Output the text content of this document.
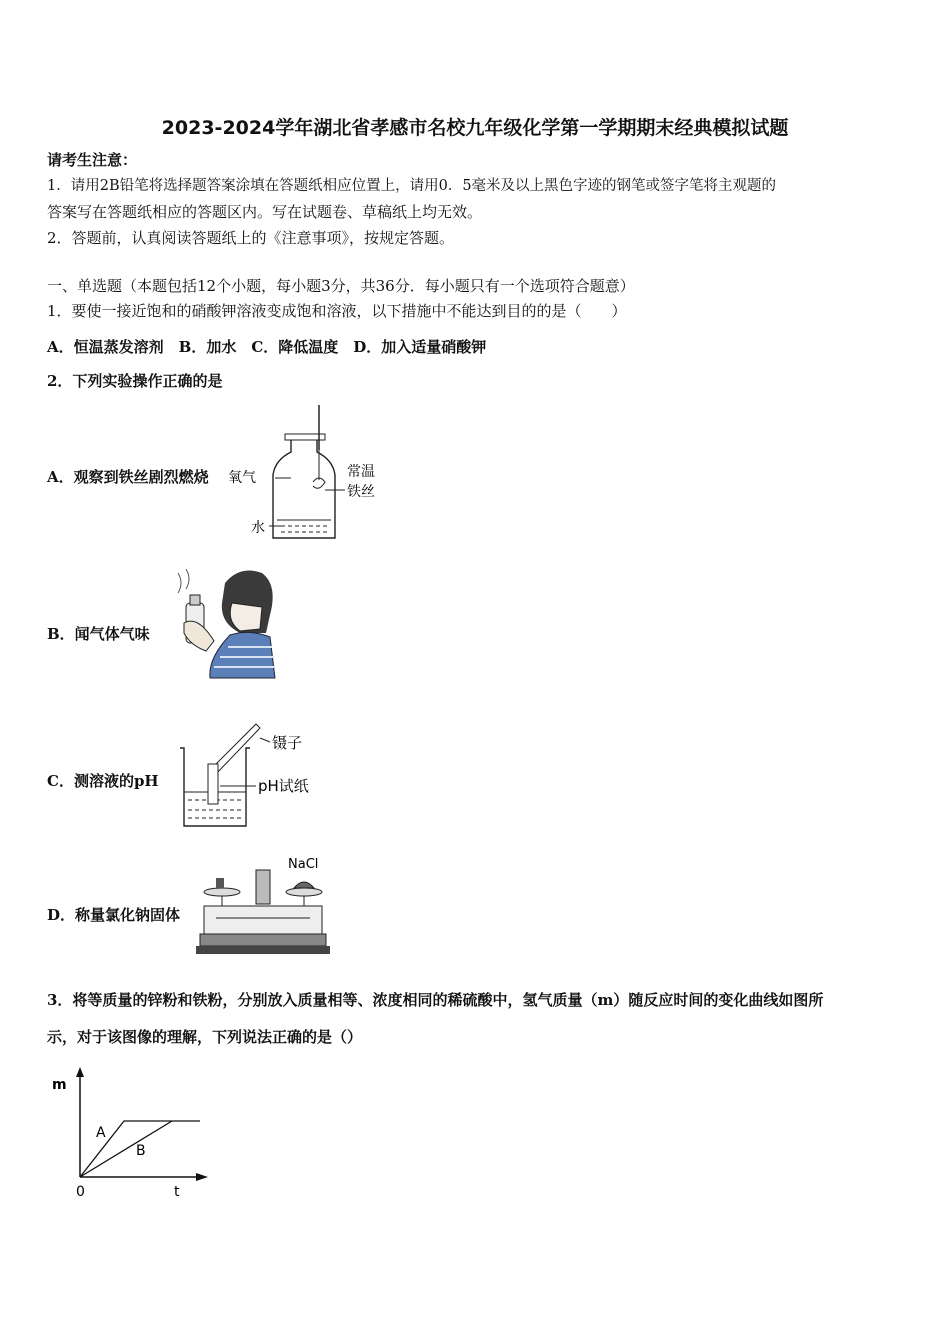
2023-2024学年湖北省孝感市名校九年级化学第一学期期末经典模拟试题
请考生注意：
1．请用2B铅笔将选择题答案涂填在答题纸相应位置上，请用0．5毫米及以上黑色字迹的钢笔或签字笔将主观题的
答案写在答题纸相应的答题区内。写在试题卷、草稿纸上均无效。
2．答题前，认真阅读答题纸上的《注意事项》，按规定答题。
一、单选题（本题包括12个小题，每小题3分，共36分．每小题只有一个选项符合题意）
1．要使一接近饱和的硝酸钾溶液变成饱和溶液，以下措施中不能达到目的的是（　　）
A．恒温蒸发溶剂　B．加水　C．降低温度　D．加入适量硝酸钾
2．下列实验操作正确的是
A．观察到铁丝剧烈燃烧 氧气	常温
铁丝
水
B．闻气体气味
C．测溶液的pH
镊子
pH试纸
D．称量氯化钠固体
NaCl
3．将等质量的锌粉和铁粉，分别放入质量相等、浓度相同的稀硫酸中，氢气质量（m）随反应时间的变化曲线如图所
示，对于该图像的理解，下列说法正确的是（）
m
t
0
A
B
